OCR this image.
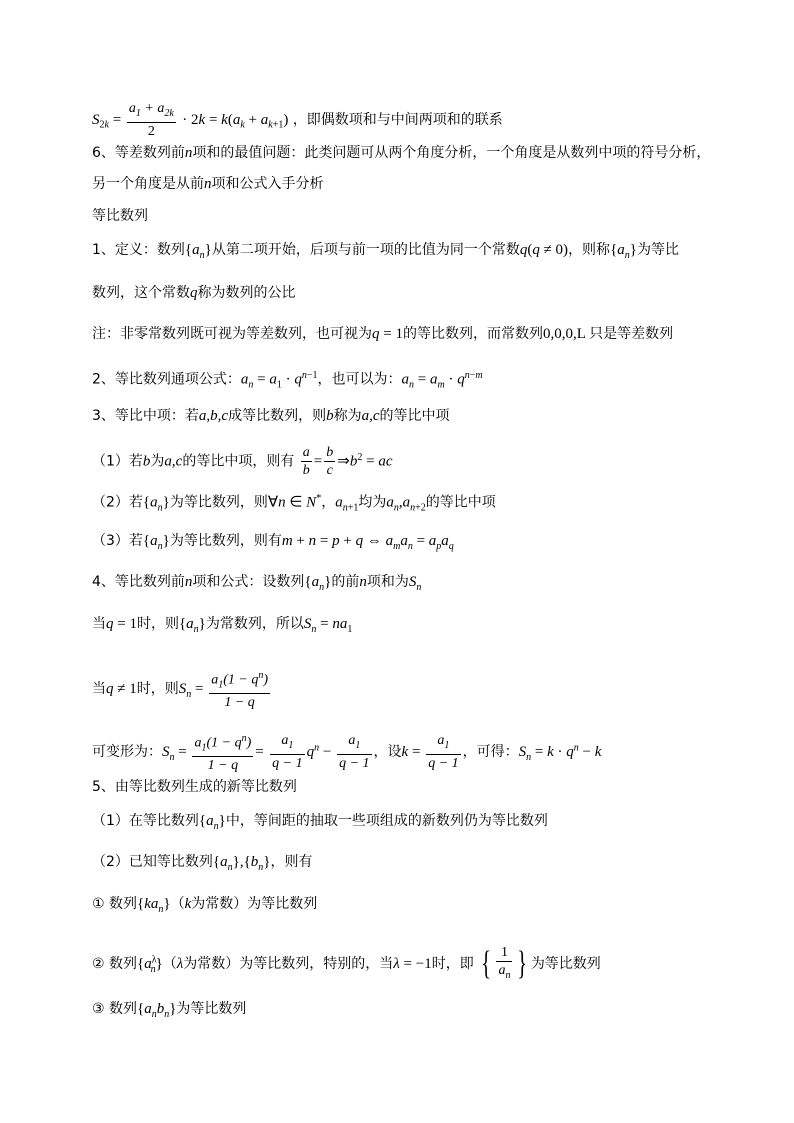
$S_{2k} = \frac{a_1 + a_{2k}}{2} \cdot 2k = k(a_k + a_{k+1})$ ，即偶数项和与中间两项和的联系
6、等差数列前n项和的最值问题：此类问题可从两个角度分析，一个角度是从数列中项的符号分析，
另一个角度是从前n项和公式入手分析
等比数列
1、定义：数列$\{a_n\}$从第二项开始，后项与前一项的比值为同一个常数q(q ≠ 0)，则称$\{a_n\}$为等比
数列，这个常数q称为数列的公比
注：非零常数列既可视为等差数列，也可视为q = 1的等比数列，而常数列0,0,0,L 只是等差数列
2、等比数列通项公式：$a_n = a_1 \cdot q^{n-1}$，也可以为：$a_n = a_m \cdot q^{n-m}$
3、等比中项：若a,b,c成等比数列，则b称为a,c的等比中项
（1）若b为a,c的等比中项，则有 $\frac{a}{b} = \frac{b}{c}$ $\Rightarrow b^2$ = ac
（2）若$\{a_n\}$为等比数列，则∀n ∈ N*，$a_{n+1}$均为$a_n,a_{n+2}$的等比中项
（3）若$\{a_n\}$为等比数列，则有m + n = p + q ⇔ $a_ma_n = a_pa_q$
4、等比数列前n项和公式：设数列$\{a_n\}$的前n项和为$S_n$
当q = 1时，则$\{a_n\}$为常数列，所以$S_n = na_1$
当q ≠ 1时，则$S_n = \frac{a_1(1 - q^n)}{1 - q}$
可变形为：$S_n = \frac{a_1(1 - q^n)}{1 - q} = \frac{a_1}{q - 1} q^n - \frac{a_1}{q - 1}$ ，设$k = \frac{a_1}{q - 1}$ ，可得：$S_n = k \cdot q^n - k$
5、由等比数列生成的新等比数列
（1）在等比数列$\{a_n\}$中，等间距的抽取一些项组成的新数列仍为等比数列
（2）已知等比数列$\{a_n\},\{b_n\}$，则有
① 数列$\{ka_n\}(k$为常数）为等比数列
② 数列$\{a^\lambda_n\}(\lambda$为常数）为等比数列，特别的，当λ = −1时，即 { $\frac{1}{a_n}$ } 为等比数列
③ 数列$\{a_nb_n\}$为等比数列
